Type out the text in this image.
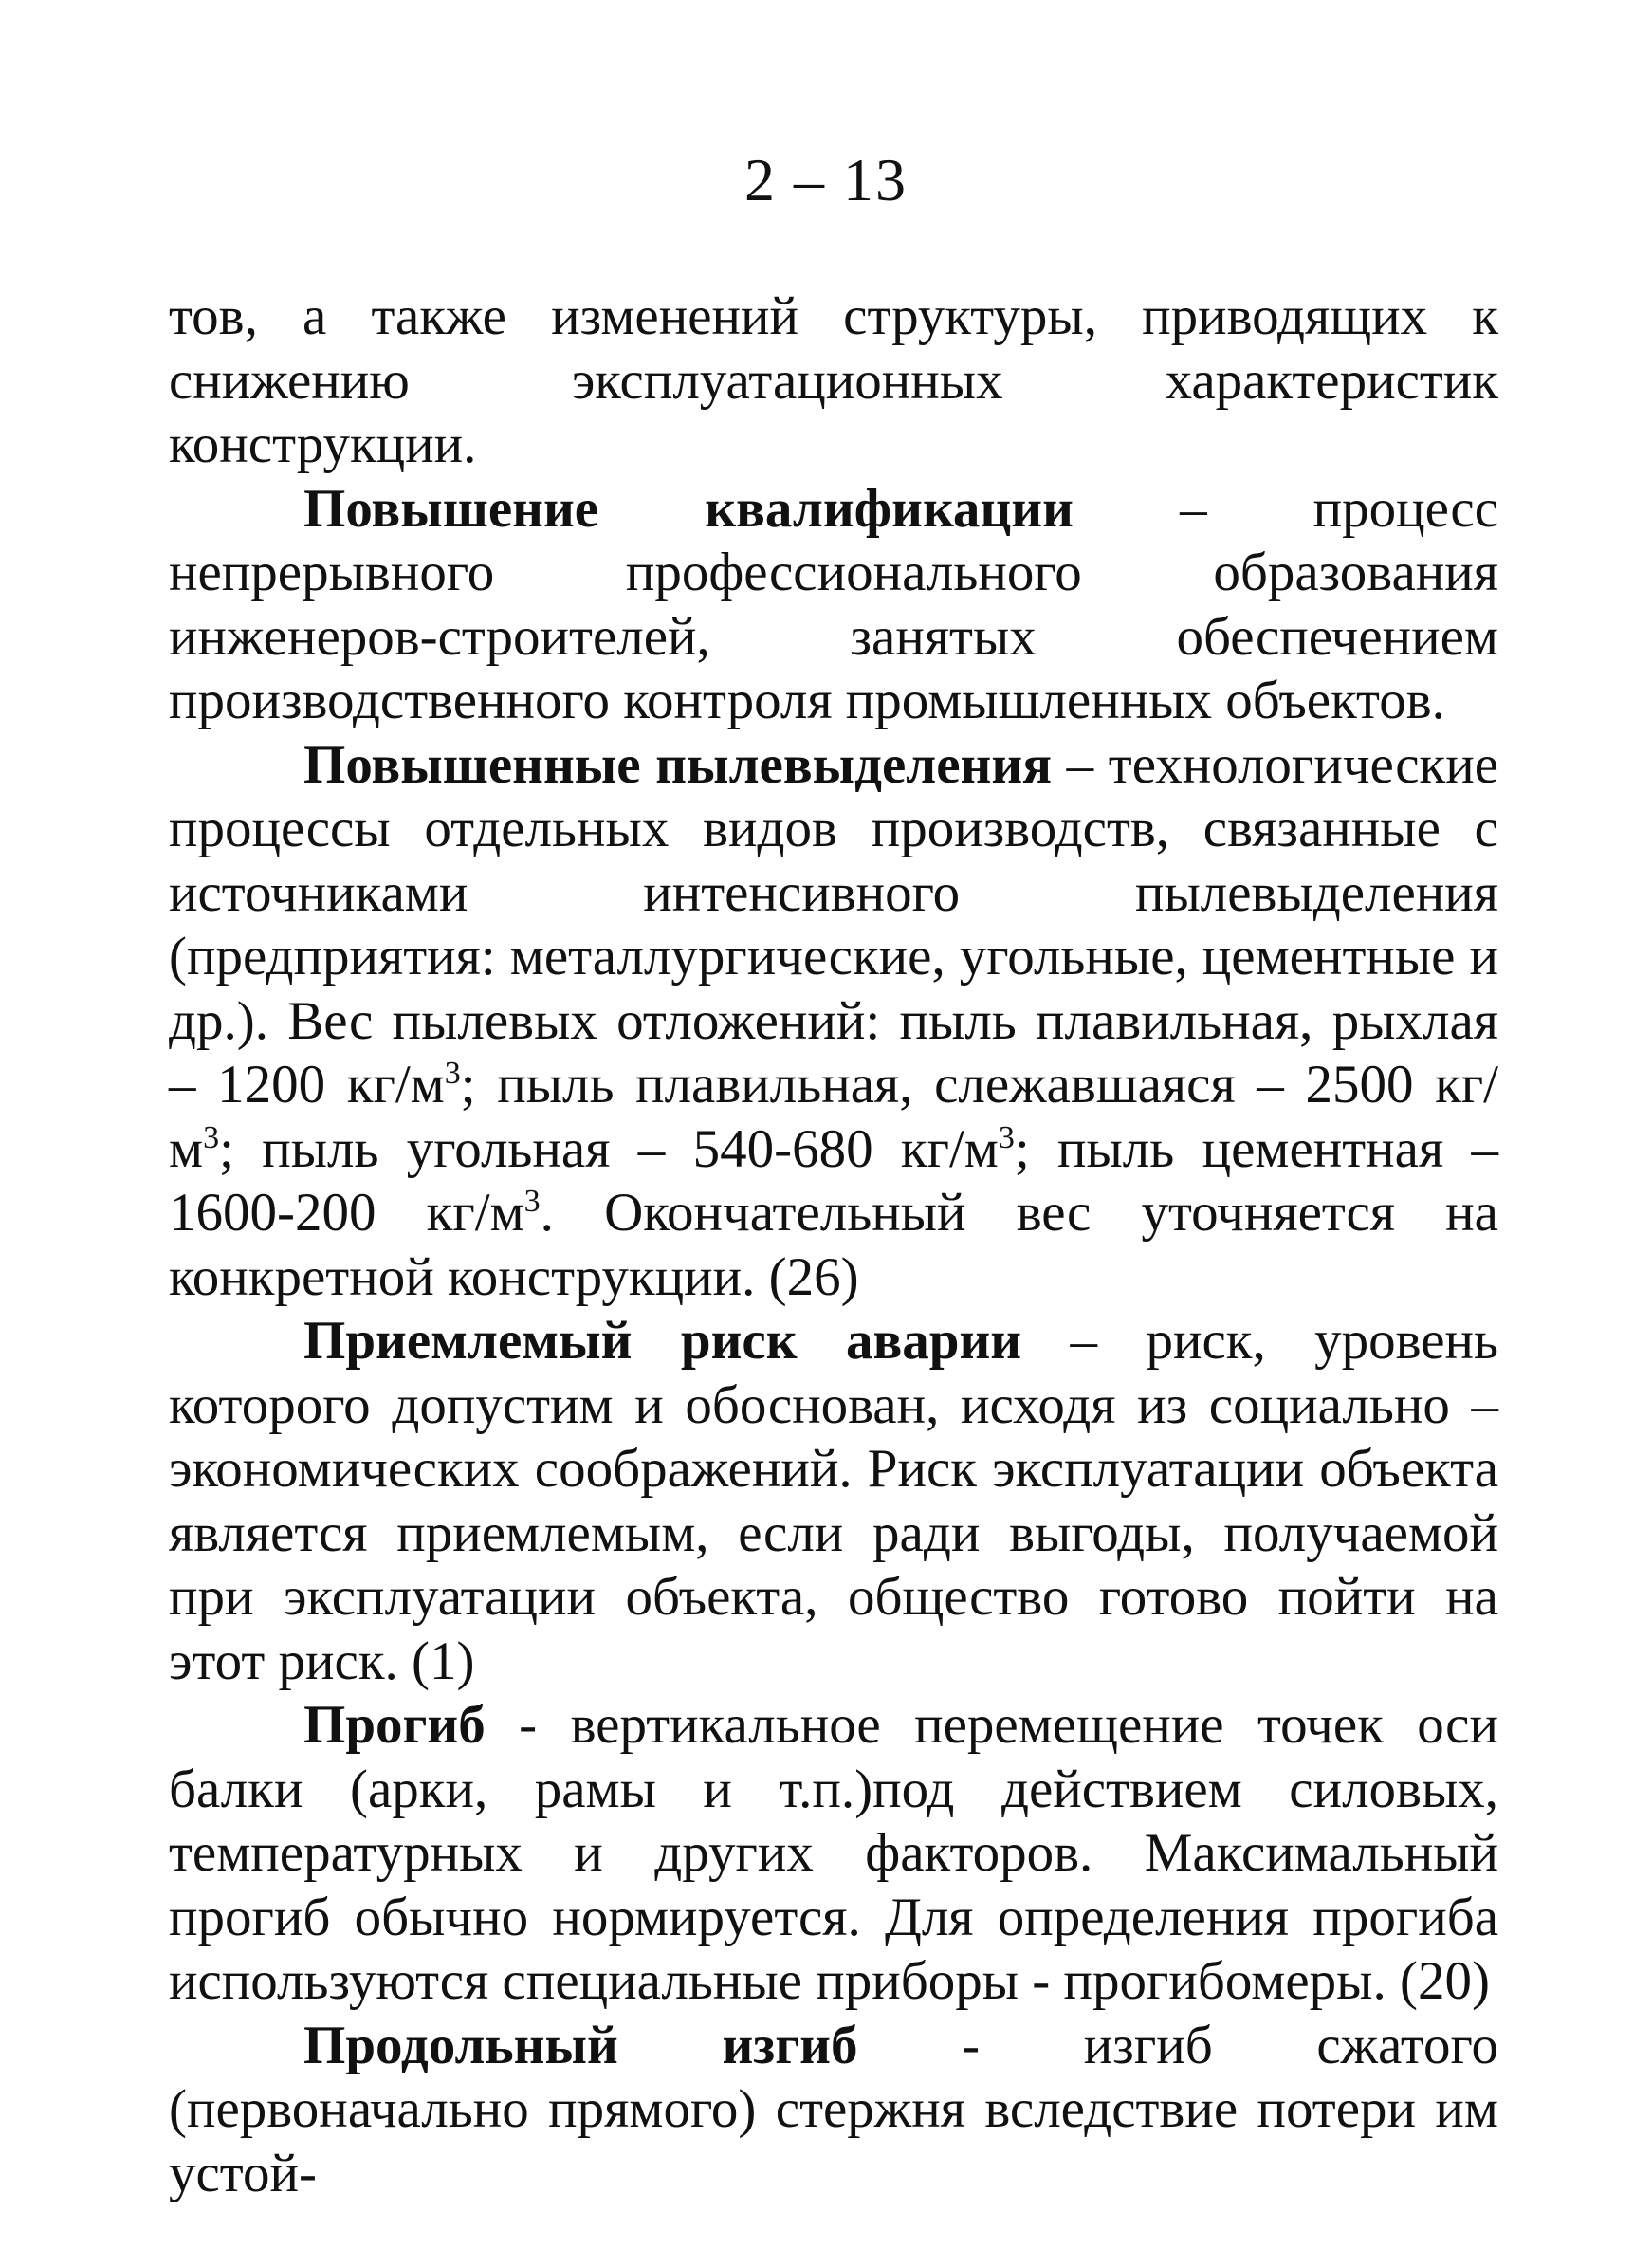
2 – 13

тов, а также изменений структуры, приводящих к снижению эксплуатационных характеристик конструкции.

Повышение квалификации – процесс непрерывного профессионального образования инженеров-строителей, занятых обеспечением производственного контроля промышленных объектов.

Повышенные пылевыделения – технологические процессы отдельных видов производств, связанные с источниками интенсивного пылевыделения (предприятия: металлургические, угольные, цементные и др.). Вес пылевых отложений: пыль плавильная, рыхлая – 1200 $кг/м^3$; пыль плавильная, слежавшаяся – 2500 $кг/м^3$; пыль угольная – 540-680 $кг/м^3$; пыль цементная – 1600-200 $кг/м^3$. Окончательный вес уточняется на конкретной конструкции. (26)

Приемлемый риск аварии – риск, уровень которого допустим и обоснован, исходя из социально – экономических соображений. Риск эксплуатации объекта является приемлемым, если ради выгоды, получаемой при эксплуатации объекта, общество готово пойти на этот риск. (1)

Прогиб - вертикальное перемещение точек оси балки (арки, рамы и т.п.)под действием силовых, температурных и других факторов. Максимальный прогиб обычно нормируется. Для определения прогиба используются специальные приборы - прогибомеры. (20)

Продольный изгиб - изгиб сжатого (первоначально прямого) стержня вследствие потери им устой-
